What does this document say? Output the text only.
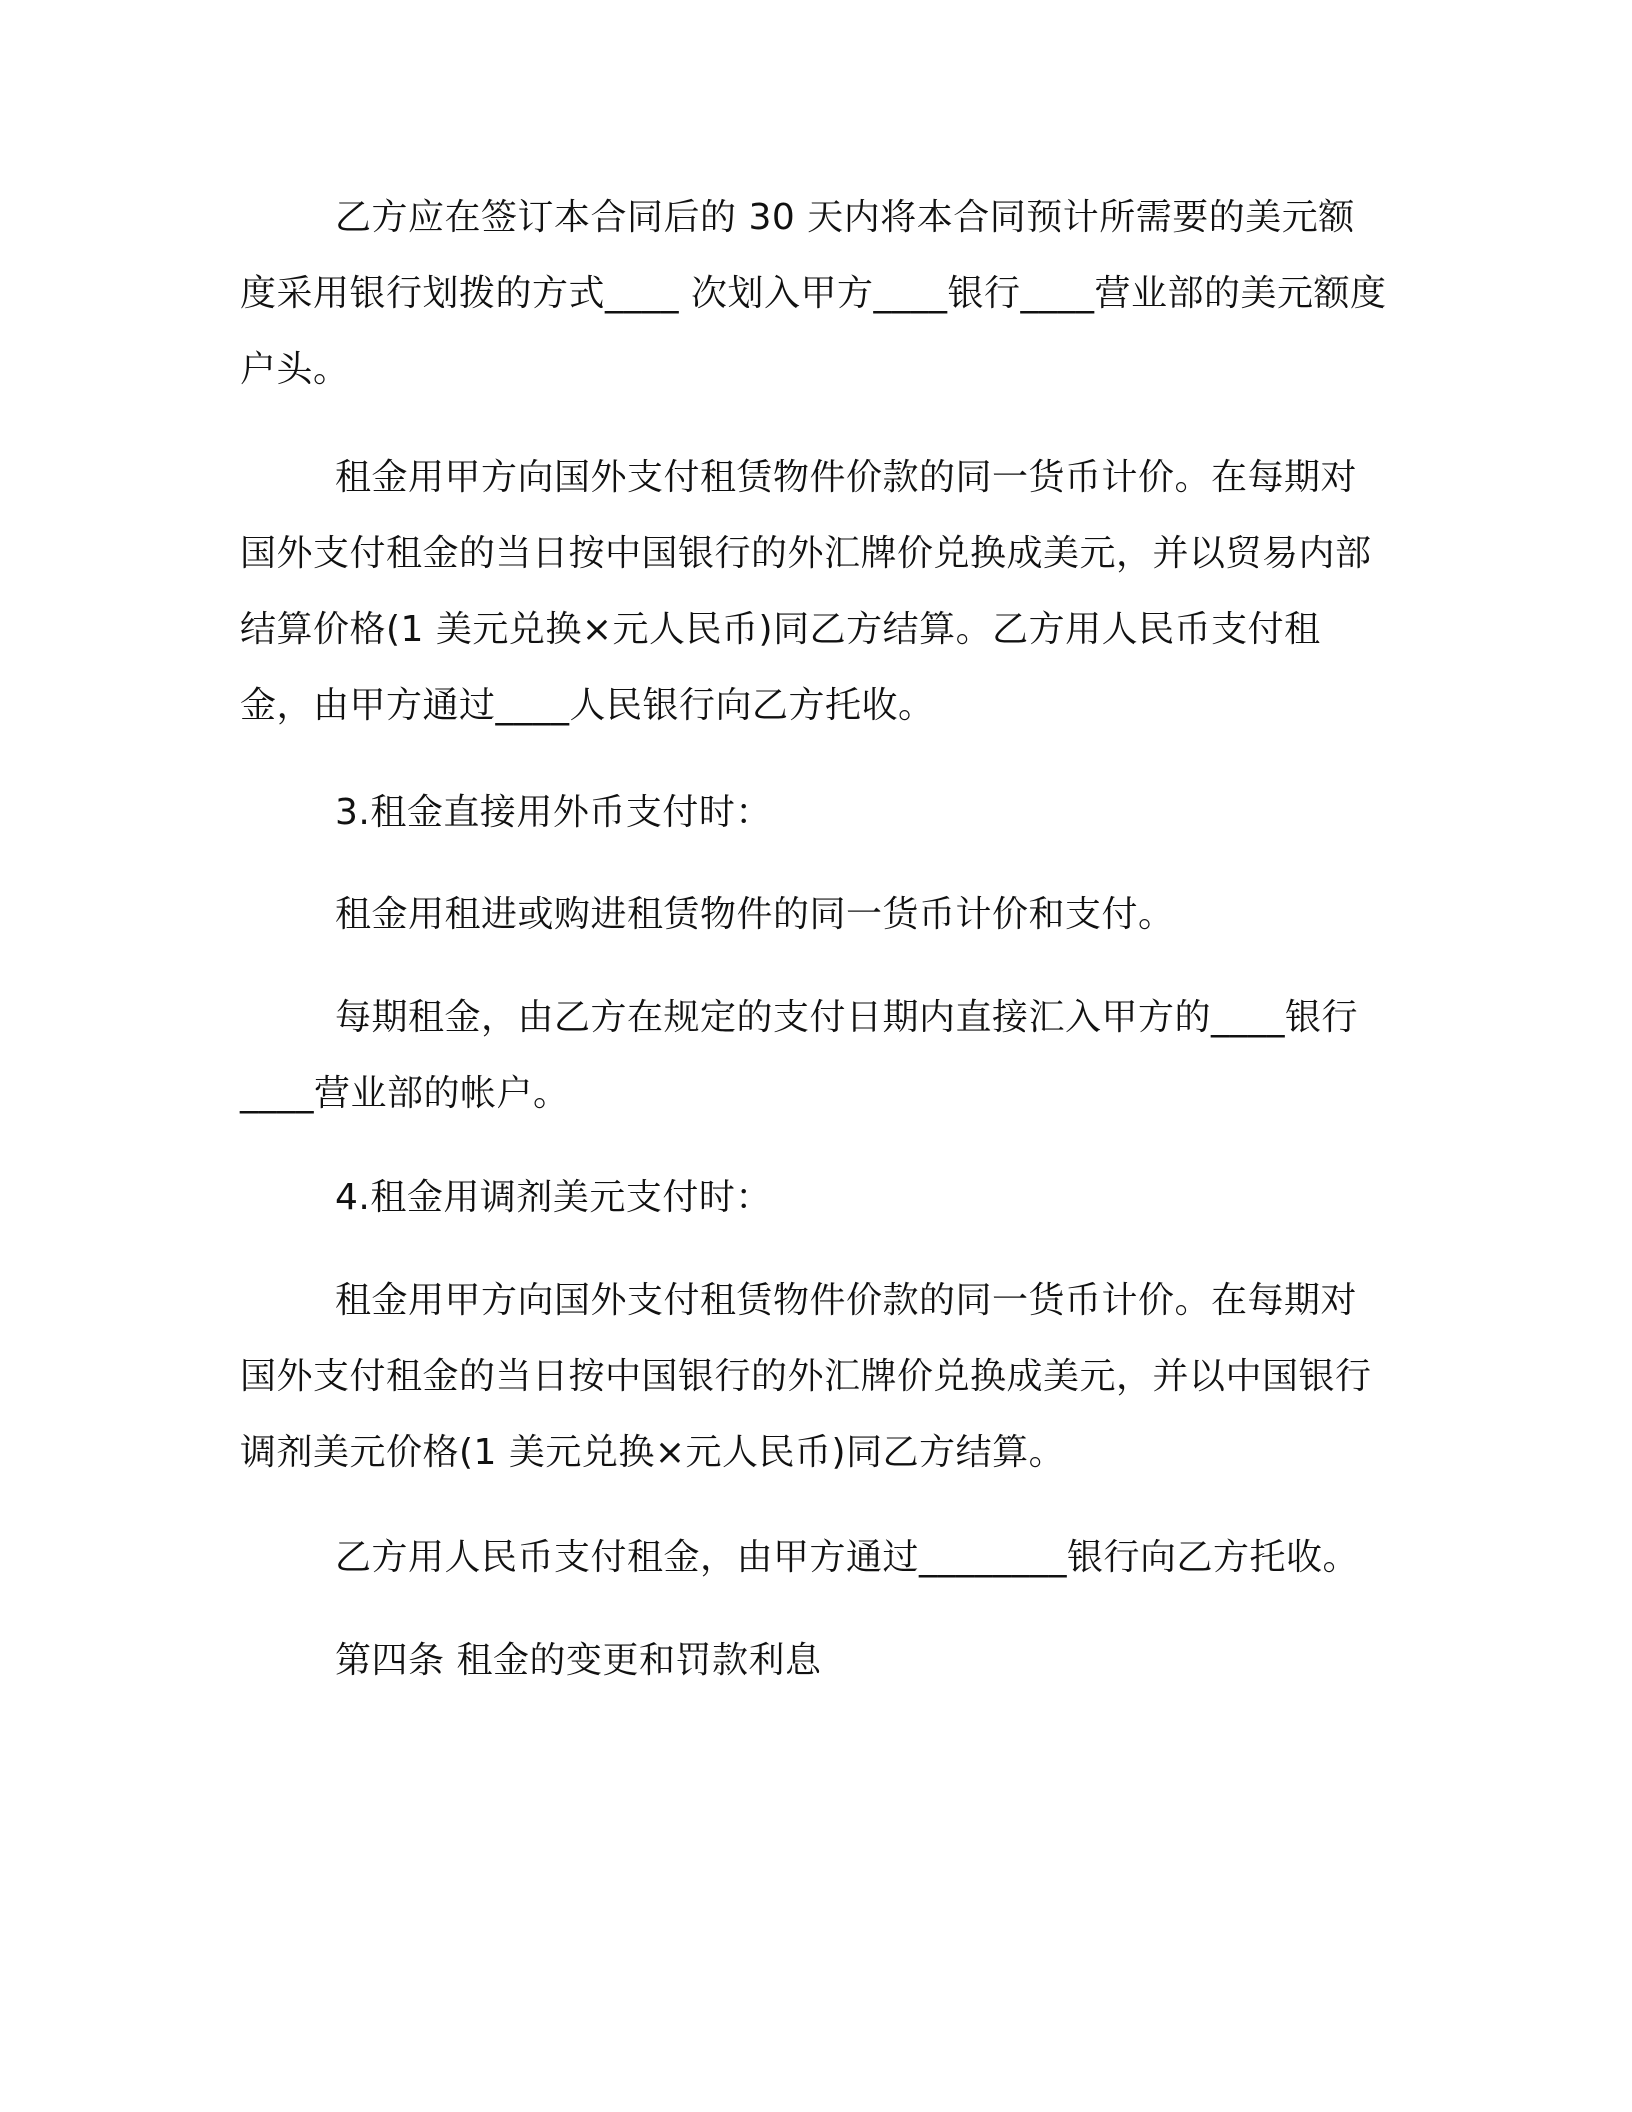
乙方应在签订本合同后的 30 天内将本合同预计所需要的美元额度采用银行划拨的方式____ 次划入甲方____银行____营业部的美元额度户头。

租金用甲方向国外支付租赁物件价款的同一货币计价。在每期对国外支付租金的当日按中国银行的外汇牌价兑换成美元，并以贸易内部结算价格(1 美元兑换×元人民币)同乙方结算。乙方用人民币支付租金，由甲方通过____人民银行向乙方托收。

3.租金直接用外币支付时：

租金用租进或购进租赁物件的同一货币计价和支付。

每期租金，由乙方在规定的支付日期内直接汇入甲方的____银行____营业部的帐户。

4.租金用调剂美元支付时：

租金用甲方向国外支付租赁物件价款的同一货币计价。在每期对国外支付租金的当日按中国银行的外汇牌价兑换成美元，并以中国银行调剂美元价格(1 美元兑换×元人民币)同乙方结算。

乙方用人民币支付租金，由甲方通过________银行向乙方托收。

第四条 租金的变更和罚款利息
